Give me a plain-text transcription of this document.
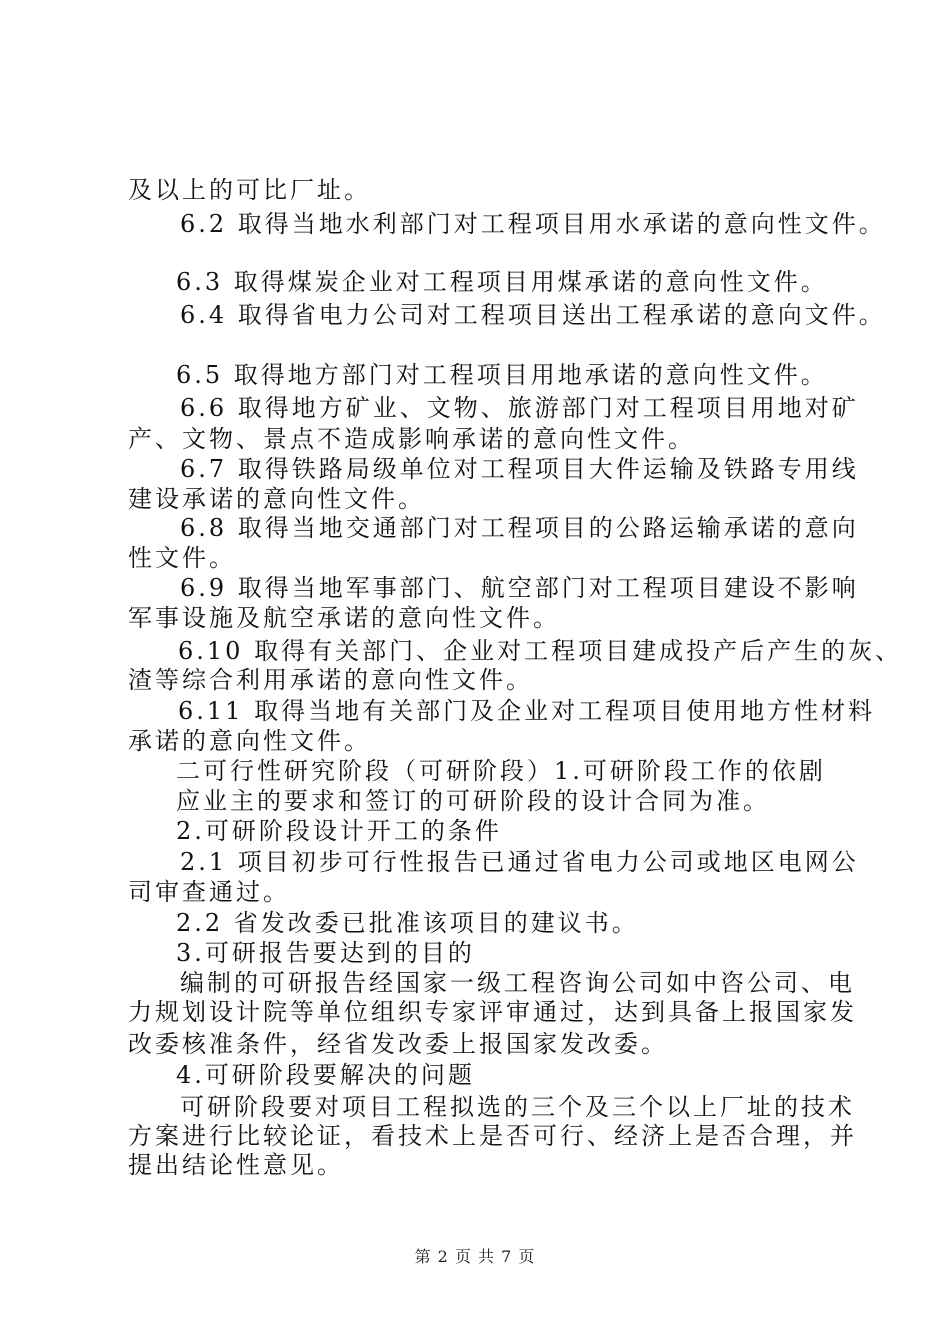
及以上的可比厂址。
6.2 取得当地水利部门对工程项目用水承诺的意向性文件。
6.3 取得煤炭企业对工程项目用煤承诺的意向性文件。
6.4 取得省电力公司对工程项目送出工程承诺的意向文件。
6.5 取得地方部门对工程项目用地承诺的意向性文件。
6.6 取得地方矿业、文物、旅游部门对工程项目用地对矿
产、文物、景点不造成影响承诺的意向性文件。
6.7 取得铁路局级单位对工程项目大件运输及铁路专用线
建设承诺的意向性文件。
6.8 取得当地交通部门对工程项目的公路运输承诺的意向
性文件。
6.9 取得当地军事部门、航空部门对工程项目建设不影响
军事设施及航空承诺的意向性文件。
6.10 取得有关部门、企业对工程项目建成投产后产生的灰、
渣等综合利用承诺的意向性文件。
6.11 取得当地有关部门及企业对工程项目使用地方性材料
承诺的意向性文件。
二可行性研究阶段（可研阶段）1.可研阶段工作的依剧
应业主的要求和签订的可研阶段的设计合同为准。
2.可研阶段设计开工的条件
2.1 项目初步可行性报告已通过省电力公司或地区电网公
司审查通过。
2.2 省发改委已批准该项目的建议书。
3.可研报告要达到的目的
编制的可研报告经国家一级工程咨询公司如中咨公司、电
力规划设计院等单位组织专家评审通过，达到具备上报国家发
改委核准条件，经省发改委上报国家发改委。
4.可研阶段要解决的问题
可研阶段要对项目工程拟选的三个及三个以上厂址的技术
方案进行比较论证，看技术上是否可行、经济上是否合理，并
提出结论性意见。
第 2 页 共 7 页
